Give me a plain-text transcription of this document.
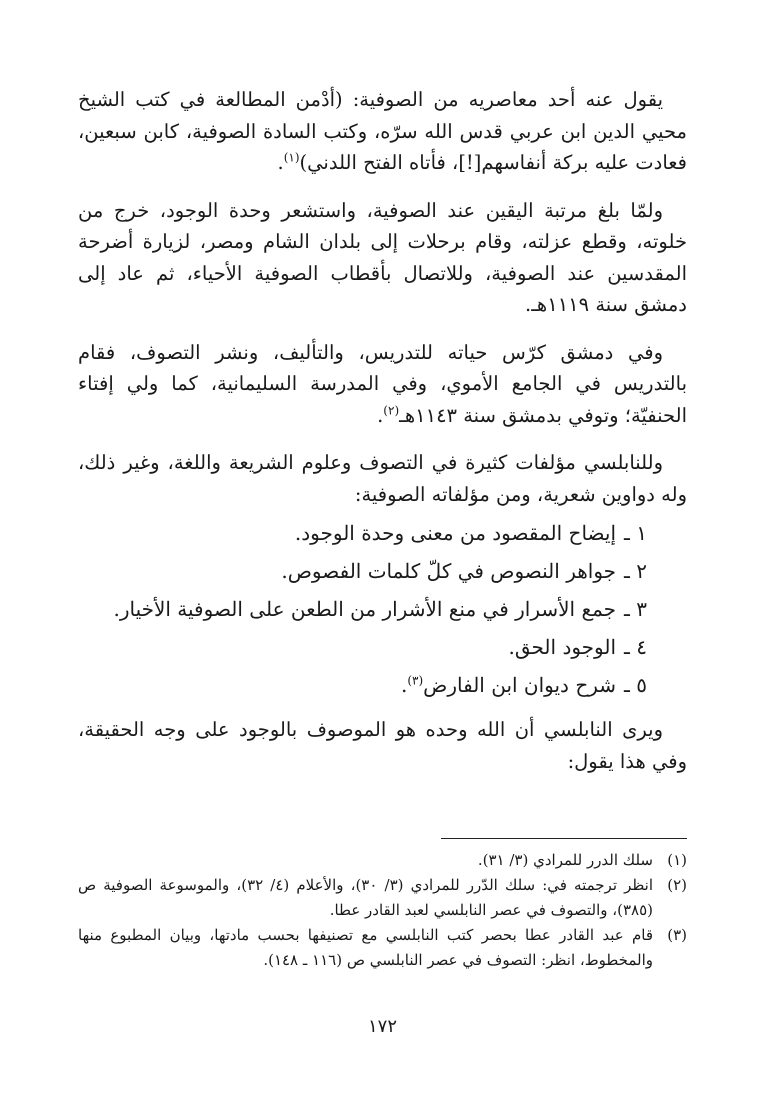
يقول عنه أحد معاصريه من الصوفية: (أدْمن المطالعة في كتب الشيخ محيي الدين ابن عربي قدس الله سرّه، وكتب السادة الصوفية، كابن سبعين، فعادت عليه بركة أنفاسهم[!]، فأتاه الفتح اللدني)$^{(١)}$.

ولمّا بلغ مرتبة اليقين عند الصوفية، واستشعر وحدة الوجود، خرج من خلوته، وقطع عزلته، وقام برحلات إلى بلدان الشام ومصر، لزيارة أضرحة المقدسين عند الصوفية، وللاتصال بأقطاب الصوفية الأحياء، ثم عاد إلى دمشق سنة ١١١٩هـ.

وفي دمشق كرّس حياته للتدريس، والتأليف، ونشر التصوف، فقام بالتدريس في الجامع الأموي، وفي المدرسة السليمانية، كما ولي إفتاء الحنفيّة؛ وتوفي بدمشق سنة ١١٤٣هـ$^{(٢)}$.

وللنابلسي مؤلفات كثيرة في التصوف وعلوم الشريعة واللغة، وغير ذلك، وله دواوين شعرية، ومن مؤلفاته الصوفية:

١ ـإيضاح المقصود من معنى وحدة الوجود.
٢ ـجواهر النصوص في كلّ كلمات الفصوص.
٣ ـجمع الأسرار في منع الأشرار من الطعن على الصوفية الأخيار.
٤ ـالوجود الحق.
٥ ـشرح ديوان ابن الفارض$^{(٣)}$.

ويرى النابلسي أن الله وحده هو الموصوف بالوجود على وجه الحقيقة، وفي هذا يقول:

(١)سلك الدرر للمرادي (٣/ ٣١).

(٢)انظر ترجمته في: سلك الدّرر للمرادي (٣/ ٣٠)، والأعلام (٤/ ٣٢)، والموسوعة الصوفية ص (٣٨٥)، والتصوف في عصر النابلسي لعبد القادر عطا.

(٣)قام عبد القادر عطا بحصر كتب النابلسي مع تصنيفها بحسب مادتها، وبيان المطبوع منها والمخطوط، انظر: التصوف في عصر النابلسي ص (١١٦ ـ ١٤٨).

١٧٢
